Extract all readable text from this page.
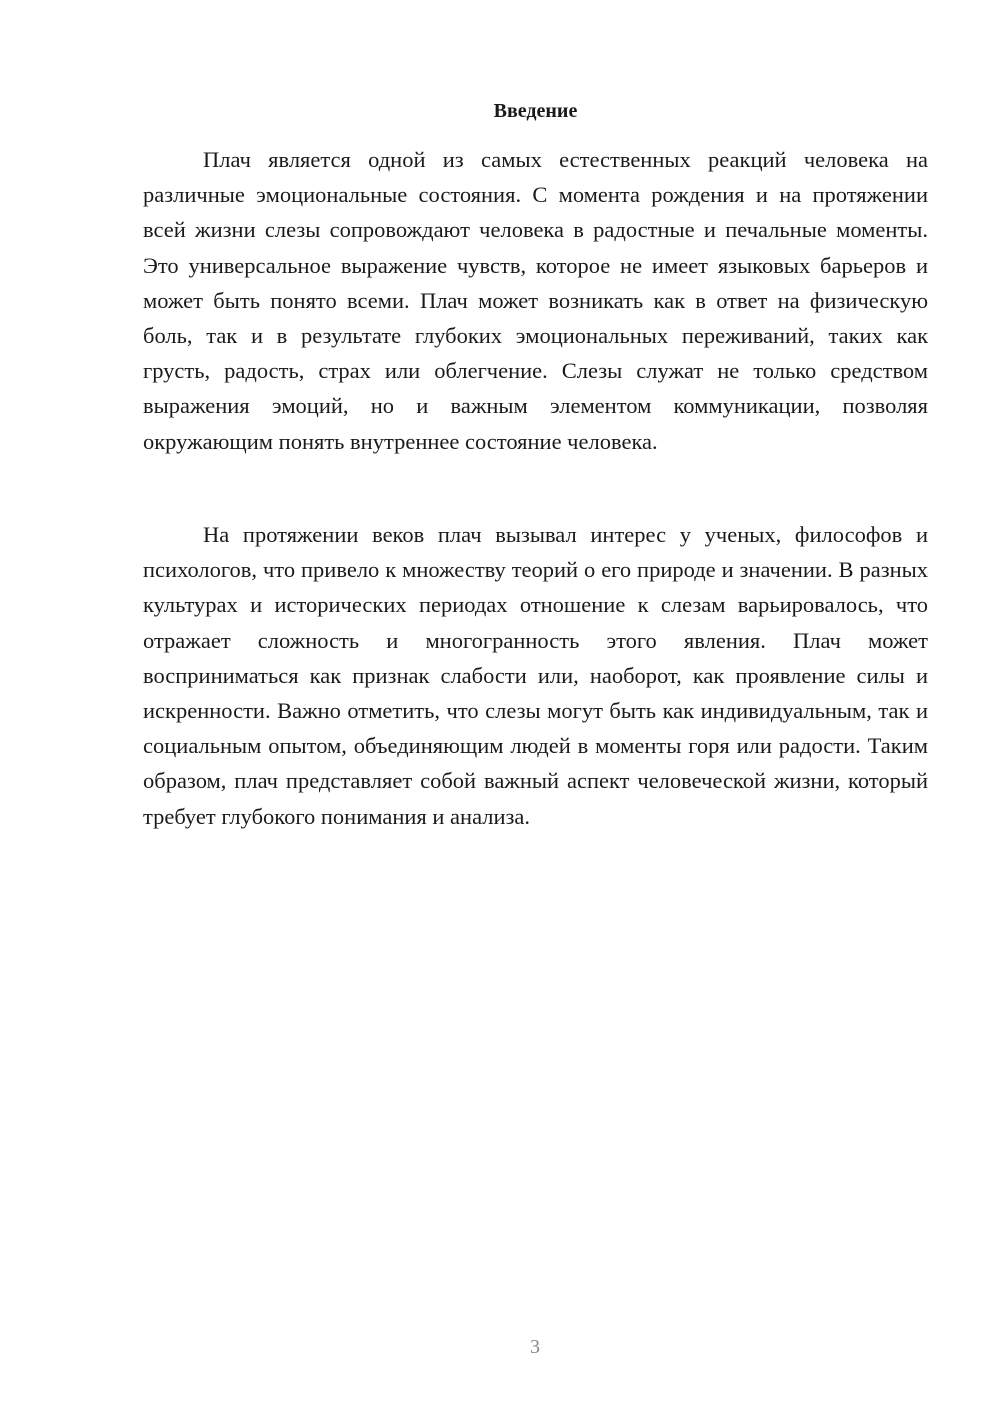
Введение

Плач является одной из самых естественных реакций человека на различные эмоциональные состояния. С момента рождения и на протяжении всей жизни слезы сопровождают человека в радостные и печальные моменты. Это универсальное выражение чувств, которое не имеет языковых барьеров и может быть понято всеми. Плач может возникать как в ответ на физическую боль, так и в результате глубоких эмоциональных переживаний, таких как грусть, радость, страх или облегчение. Слезы служат не только средством выражения эмоций, но и важным элементом коммуникации, позволяя окружающим понять внутреннее состояние человека.

На протяжении веков плач вызывал интерес у ученых, философов и психологов, что привело к множеству теорий о его природе и значении. В разных культурах и исторических периодах отношение к слезам варьировалось, что отражает сложность и многогранность этого явления. Плач может восприниматься как признак слабости или, наоборот, как проявление силы и искренности. Важно отметить, что слезы могут быть как индивидуальным, так и социальным опытом, объединяющим людей в моменты горя или радости. Таким образом, плач представляет собой важный аспект человеческой жизни, который требует глубокого понимания и анализа.

3
